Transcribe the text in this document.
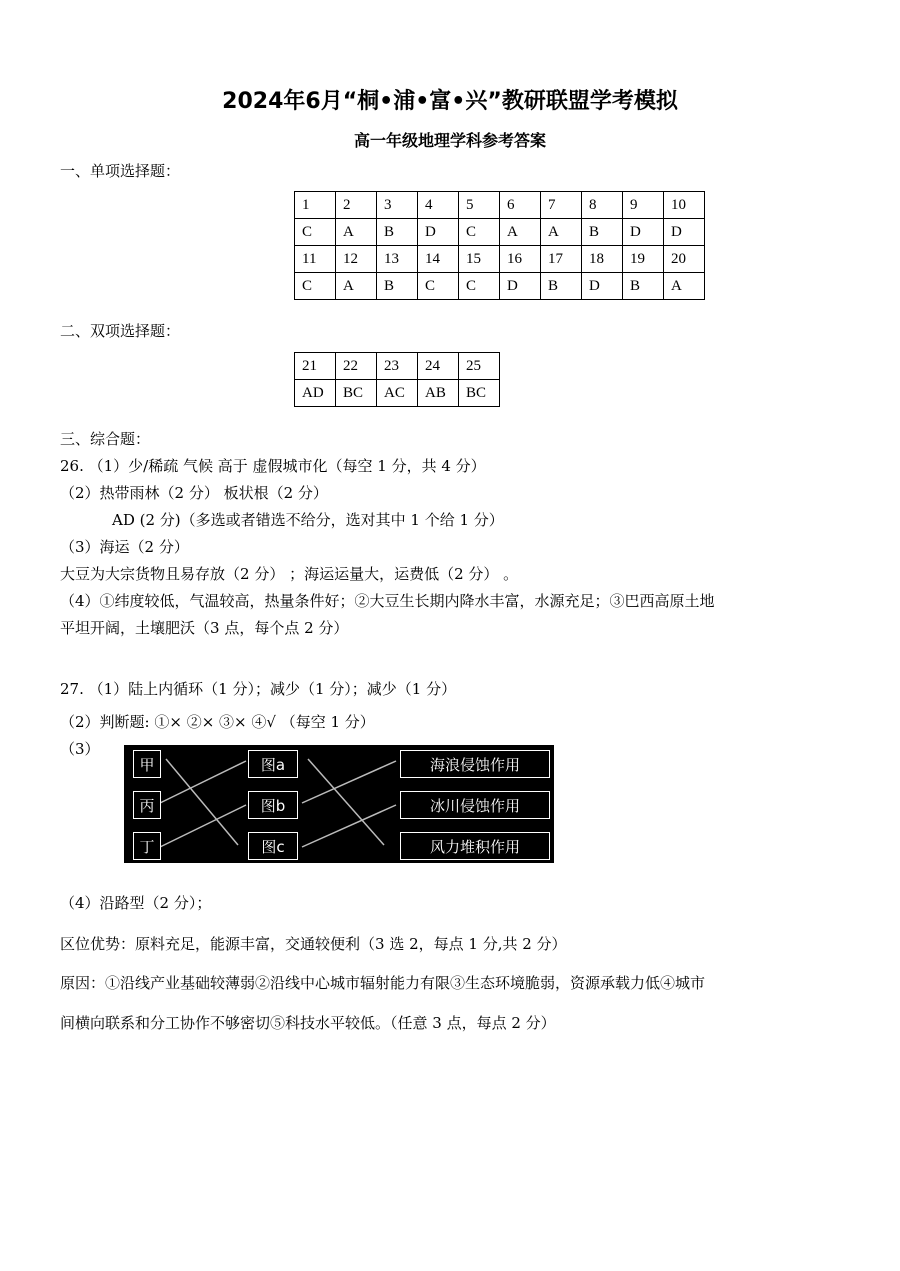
2024年6月“桐•浦•富•兴”教研联盟学考模拟
高一年级地理学科参考答案
一、单项选择题：
1	2	3	4	5	6	7	8	9	10
C	A	B	D	C	A	A	B	D	D
11	12	13	14	15	16	17	18	19	20
C	A	B	C	C	D	B	D	B	A
二、双项选择题：
21	22	23	24	25
AD	BC	AC	AB	BC
三、综合题：
26. （1）少/稀疏 气候 高于 虚假城市化（每空 1 分，共 4 分）
（2）热带雨林（2 分） 板状根（2 分）
AD (2 分)（多选或者错选不给分，选对其中 1 个给 1 分）
（3）海运（2 分）
大豆为大宗货物且易存放（2 分） ；海运运量大，运费低（2 分） 。
（4）①纬度较低，气温较高，热量条件好；②大豆生长期内降水丰富，水源充足；③巴西高原土地
平坦开阔，土壤肥沃（3 点，每个点 2 分）
27. （1）陆上内循环（1 分）；减少（1 分）；减少（1 分）
（2）判断题: ①× ②× ③× ④√ （每空 1 分）
（3）
甲
丙
丁
图a
图b
图c
海浪侵蚀作用
冰川侵蚀作用
风力堆积作用
（4）沿路型（2 分）；
区位优势：原料充足，能源丰富，交通较便利（3 选 2，每点 1 分,共 2 分）
原因：①沿线产业基础较薄弱②沿线中心城市辐射能力有限③生态环境脆弱，资源承载力低④城市
间横向联系和分工协作不够密切⑤科技水平较低。（任意 3 点，每点 2 分）
